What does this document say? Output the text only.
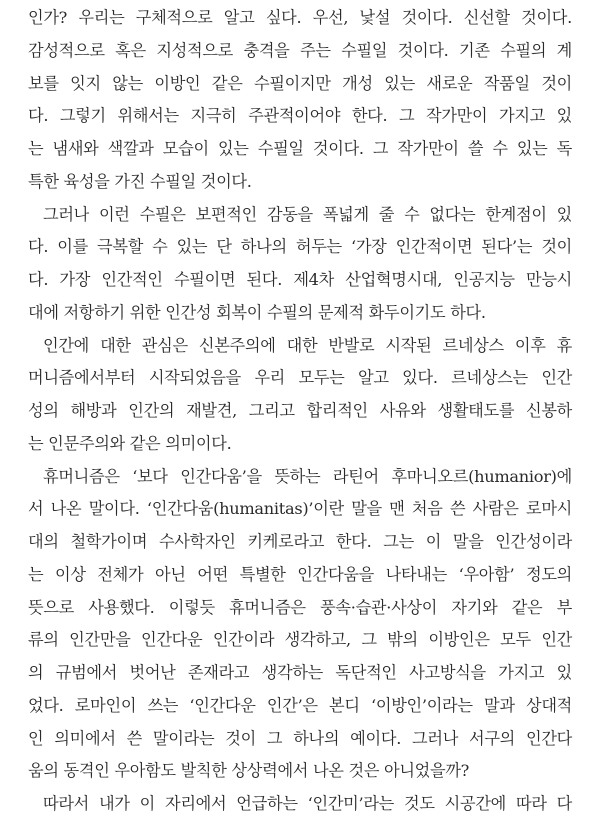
인가? 우리는 구체적으로 알고 싶다. 우선, 낯설 것이다. 신선할 것이다.
감성적으로 혹은 지성적으로 충격을 주는 수필일 것이다. 기존 수필의 계
보를 잇지 않는 이방인 같은 수필이지만 개성 있는 새로운 작품일 것이
다. 그렇기 위해서는 지극히 주관적이어야 한다. 그 작가만이 가지고 있
는 냄새와 색깔과 모습이 있는 수필일 것이다. 그 작가만이 쓸 수 있는 독
특한 육성을 가진 수필일 것이다.
그러나 이런 수필은 보편적인 감동을 폭넓게 줄 수 없다는 한계점이 있
다. 이를 극복할 수 있는 단 하나의 허두는 ‘가장 인간적이면 된다’는 것이
다. 가장 인간적인 수필이면 된다. 제4차 산업혁명시대, 인공지능 만능시
대에 저항하기 위한 인간성 회복이 수필의 문제적 화두이기도 하다.
인간에 대한 관심은 신본주의에 대한 반발로 시작된 르네상스 이후 휴
머니즘에서부터 시작되었음을 우리 모두는 알고 있다. 르네상스는 인간
성의 해방과 인간의 재발견, 그리고 합리적인 사유와 생활태도를 신봉하
는 인문주의와 같은 의미이다.
휴머니즘은 ‘보다 인간다움’을 뜻하는 라틴어 후마니오르(humanior)에
서 나온 말이다. ‘인간다움(humanitas)’이란 말을 맨 처음 쓴 사람은 로마시
대의 철학가이며 수사학자인 키케로라고 한다. 그는 이 말을 인간성이라
는 이상 전체가 아닌 어떤 특별한 인간다움을 나타내는 ‘우아함’ 정도의
뜻으로 사용했다. 이렇듯 휴머니즘은 풍속·습관·사상이 자기와 같은 부
류의 인간만을 인간다운 인간이라 생각하고, 그 밖의 이방인은 모두 인간
의 규범에서 벗어난 존재라고 생각하는 독단적인 사고방식을 가지고 있
었다. 로마인이 쓰는 ‘인간다운 인간’은 본디 ‘이방인’이라는 말과 상대적
인 의미에서 쓴 말이라는 것이 그 하나의 예이다. 그러나 서구의 인간다
움의 동격인 우아함도 발칙한 상상력에서 나온 것은 아니었을까?
따라서 내가 이 자리에서 언급하는 ‘인간미’라는 것도 시공간에 따라 다
